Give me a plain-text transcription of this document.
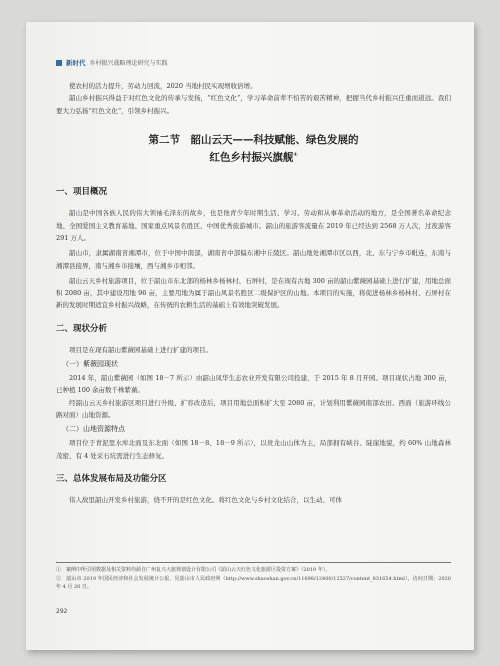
新时代 乡村振兴战略理论研究与实践

使农村的活力提升，劳动力回流，2020 当地村民实现增收倍增。

韶山乡村振兴得益于对红色文化的传承与发扬，“红色文化”，学习革命前辈不怕苦的艰苦精神，把握当代乡村振兴任重而道远。我们要大力弘扬“红色文化”，引领乡村振兴。

第二节　韶山云天——科技赋能、绿色发展的
红色乡村振兴旗舰①
一、项目概况

韶山是中国各族人民的伟大领袖毛泽东的故乡，也是他青少年时期生活、学习、劳动和从事革命活动的地方，是全国著名革命纪念地、全国爱国主义教育基地、国家重点风景名胜区、中国优秀旅游城市。韶山的旅游客流量在 2019 年已经达到 2568 万人次，过夜游客 291 万人。

韶山市，隶属湖南省湘潭市，位于中国中南部，湖南省中部偏东湘中丘陵区。韶山地处湘潭市区以西，北、东与宁乡市毗连，东南与湘潭县接界，南与湘乡市接壤，西与湘乡市相邻。

韶山云天乡村旅游项目，位于韶山市东北部的杨林乡杨林村、石屏村，是在现有古地 300 亩的韶山紫薇园基础上进行扩建，用地总面积 2080 亩，其中建设用地 96 亩，主要用地为属于韶山风景名胜区二级保护区的山地。本项目的实施，将促进杨林乡杨林村、石屏村在新的发展时期适宜乡村振兴战略，在传统的农耕生活的基础上有效地突破发展。

二、现状分析

项目是在现有韶山紫薇园基础上进行扩建的项目。

（一）紫薇园现状

2014 年，韶山紫薇园（如图 18－7 所示）由韶山凤华生态农业开发有限公司投建，于 2015 年 8 月开园。项目现状占地 300 亩，已种植 100 余亩数千株紫薇。

经韶山云天乡村旅游区项目进行升级、扩容改造后，项目用地总面积扩大至 2080 亩，计划利用紫薇园南部农田、西面（旅游环线公路对面）山地资源。

（二）山地资源特点

项目位于青泥里水库北面及东北面（如图 18－8、18－9 所示），以贵龙山山体为主，局部拥有峡谷、陡崖地貌，约 60% 山地森林茂密，有 4 处采石坑需进行生态修复。

三、总体发展布局及功能分区

伟人故里韶山开发乡村旅游，绕不开的是红色文化。将红色文化与乡村文化结合，以生动、可体

①　案例中所引用数据及相关资料均源自广州复兴大旅规划设计有限公司《韶山云天红色文化旅游区投资方案》（2019 年）。

②　韶山市 2019 年国民经济和社会发展统计公报，见韶山市人民政府网（http://www.shaoshan.gov.cn/11698/12400/12527/content_831654.html），访问日期：2020 年 4 月 20 日。

292
